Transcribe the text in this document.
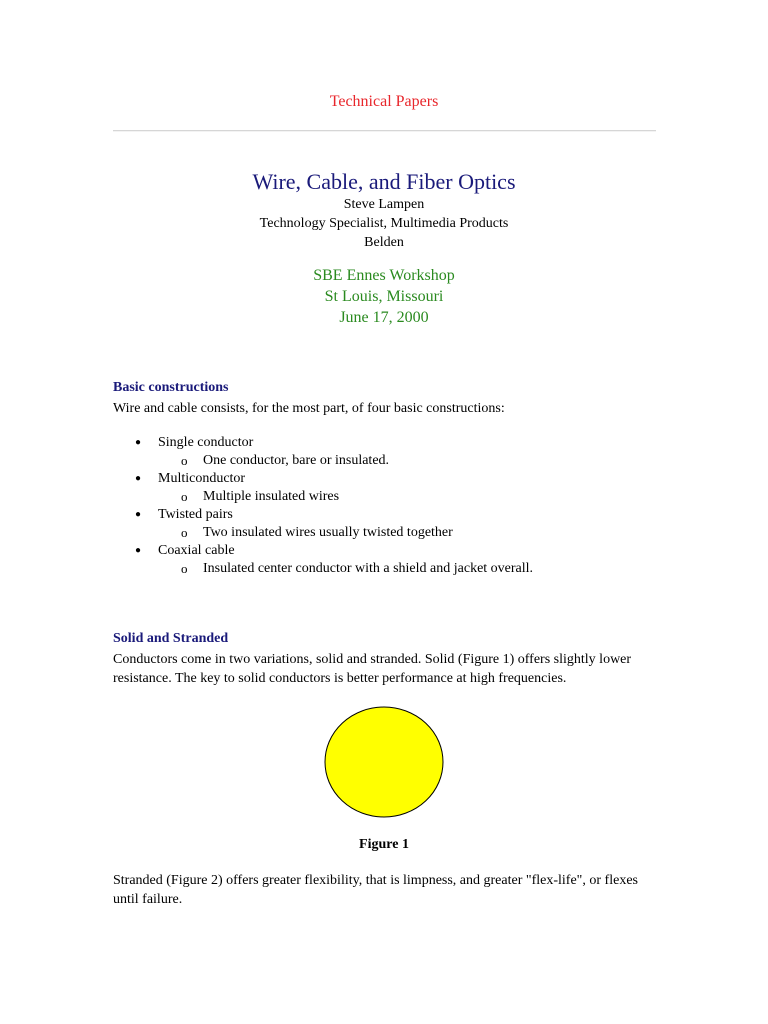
Technical Papers
Wire, Cable, and Fiber Optics

Steve Lampen

Technology Specialist, Multimedia Products

Belden

SBE Ennes Workshop

St Louis, Missouri

June 17, 2000

Basic constructions

Wire and cable consists, for the most part, of four basic constructions:

● Single conductor
o One conductor, bare or insulated.
● Multiconductor
o Multiple insulated wires
● Twisted pairs
o Two insulated wires usually twisted together
● Coaxial cable
o Insulated center conductor with a shield and jacket overall.
Solid and Stranded

Conductors come in two variations, solid and stranded. Solid (Figure 1) offers slightly lower resistance. The key to solid conductors is better performance at high frequencies.

Figure 1

Stranded (Figure 2) offers greater flexibility, that is limpness, and greater "flex-life", or flexes until failure.
